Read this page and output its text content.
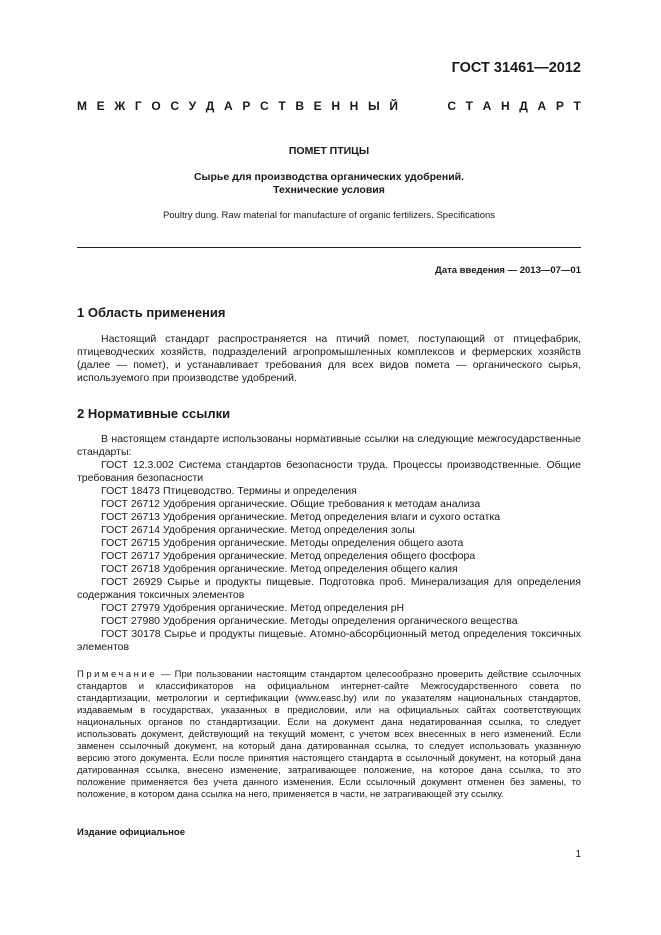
ГОСТ 31461—2012
М Е Ж Г О С У Д А Р С Т В Е Н Н Ы Й	С Т А Н Д А Р Т
ПОМЕТ ПТИЦЫ
Сырье для производства органических удобрений.
Технические условия
Poultry dung. Raw material for manufacture of organic fertilizers. Specifications
Дата введения — 2013—07—01
1 Область применения
Настоящий стандарт распространяется на птичий помет, поступающий от птицефабрик, птицеводческих хозяйств, подразделений агропромышленных комплексов и фермерских хозяйств (далее — помет), и устанавливает требования для всех видов помета — органического сырья, используемого при производстве удобрений.
2 Нормативные ссылки
В настоящем стандарте использованы нормативные ссылки на следующие межгосударственные стандарты:
ГОСТ 12.3.002 Система стандартов безопасности труда. Процессы производственные. Общие требования безопасности
ГОСТ 18473 Птицеводство. Термины и определения
ГОСТ 26712 Удобрения органические. Общие требования к методам анализа
ГОСТ 26713 Удобрения органические. Метод определения влаги и сухого остатка
ГОСТ 26714 Удобрения органические. Метод определения золы
ГОСТ 26715 Удобрения органические. Методы определения общего азота
ГОСТ 26717 Удобрения органические. Метод определения общего фосфора
ГОСТ 26718 Удобрения органические. Метод определения общего калия
ГОСТ 26929 Сырье и продукты пищевые. Подготовка проб. Минерализация для определения содержания токсичных элементов
ГОСТ 27979 Удобрения органические. Метод определения pH
ГОСТ 27980 Удобрения органические. Методы определения органического вещества
ГОСТ 30178 Сырье и продукты пищевые. Атомно-абсорбционный метод определения токсичных элементов
Примечание — При пользовании настоящим стандартом целесообразно проверить действие ссылочных стандартов и классификаторов на официальном интернет-сайте Межгосударственного совета по стандартизации, метрологии и сертификации (www.easc.by) или по указателям национальных стандартов, издаваемым в государствах, указанных в предисловии, или на официальных сайтах соответствующих национальных органов по стандартизации. Если на документ дана недатированная ссылка, то следует использовать документ, действующий на текущий момент, с учетом всех внесенных в него изменений. Если заменен ссылочный документ, на который дана датированная ссылка, то следует использовать указанную версию этого документа. Если после принятия настоящего стандарта в ссылочный документ, на который дана датированная ссылка, внесено изменение, затрагивающее положение, на которое дана ссылка, то это положение применяется без учета данного изменения. Если ссылочный документ отменен без замены, то положение, в котором дана ссылка на него, применяется в части, не затрагивающей эту ссылку.
Издание официальное
1
